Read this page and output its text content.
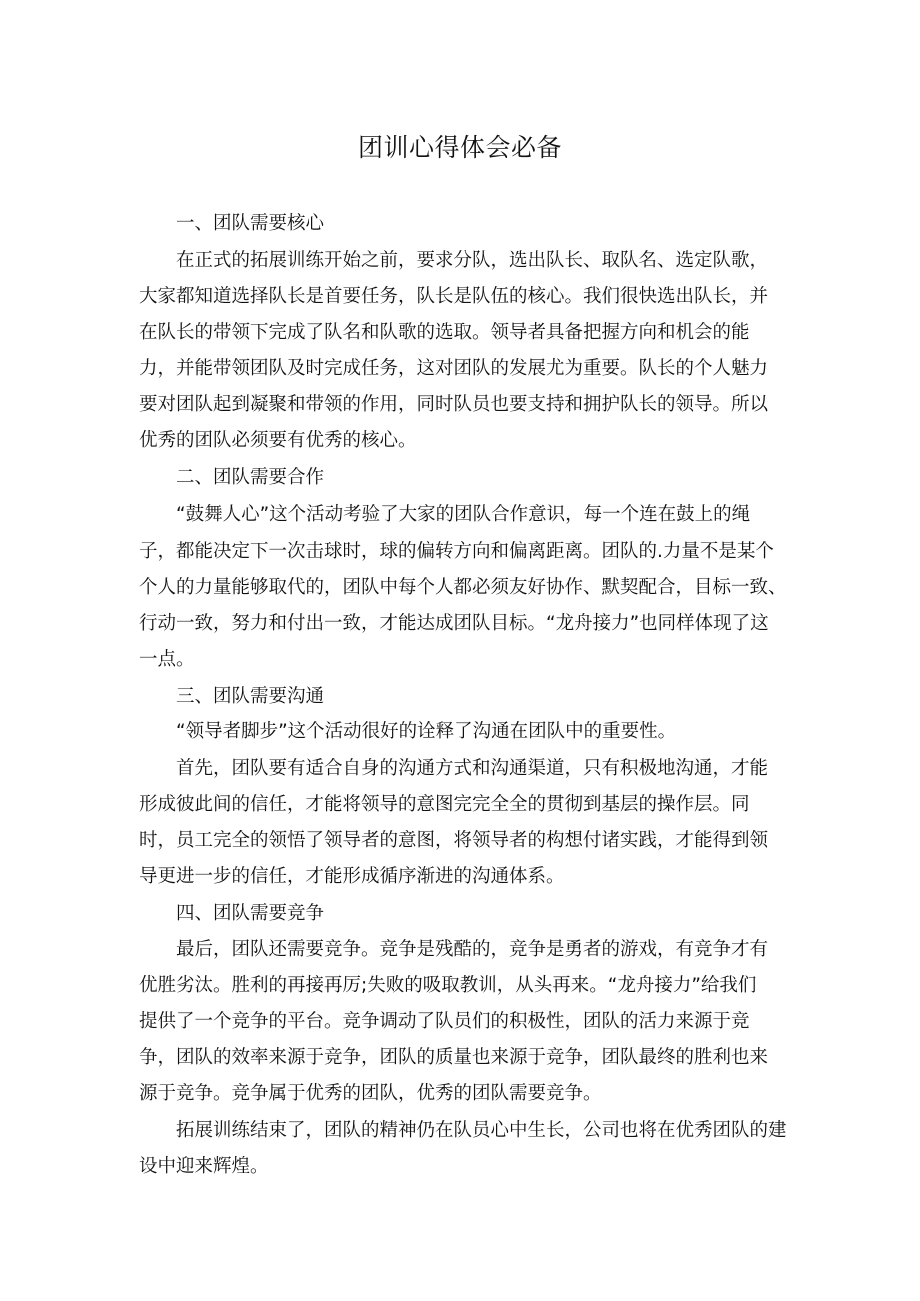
团训心得体会必备
一、团队需要核心
在正式的拓展训练开始之前，要求分队，选出队长、取队名、选定队歌，
大家都知道选择队长是首要任务，队长是队伍的核心。我们很快选出队长，并
在队长的带领下完成了队名和队歌的选取。领导者具备把握方向和机会的能
力，并能带领团队及时完成任务，这对团队的发展尤为重要。队长的个人魅力
要对团队起到凝聚和带领的作用，同时队员也要支持和拥护队长的领导。所以
优秀的团队必须要有优秀的核心。
二、团队需要合作
“鼓舞人心”这个活动考验了大家的团队合作意识，每一个连在鼓上的绳
子，都能决定下一次击球时，球的偏转方向和偏离距离。团队的.力量不是某个
个人的力量能够取代的，团队中每个人都必须友好协作、默契配合，目标一致、
行动一致，努力和付出一致，才能达成团队目标。“龙舟接力”也同样体现了这
一点。
三、团队需要沟通
“领导者脚步”这个活动很好的诠释了沟通在团队中的重要性。
首先，团队要有适合自身的沟通方式和沟通渠道，只有积极地沟通，才能
形成彼此间的信任，才能将领导的意图完完全全的贯彻到基层的操作层。同
时，员工完全的领悟了领导者的意图，将领导者的构想付诸实践，才能得到领
导更进一步的信任，才能形成循序渐进的沟通体系。
四、团队需要竞争
最后，团队还需要竞争。竞争是残酷的，竞争是勇者的游戏，有竞争才有
优胜劣汰。胜利的再接再厉;失败的吸取教训，从头再来。“龙舟接力”给我们
提供了一个竞争的平台。竞争调动了队员们的积极性，团队的活力来源于竞
争，团队的效率来源于竞争，团队的质量也来源于竞争，团队最终的胜利也来
源于竞争。竞争属于优秀的团队，优秀的团队需要竞争。
拓展训练结束了，团队的精神仍在队员心中生长，公司也将在优秀团队的建
设中迎来辉煌。
